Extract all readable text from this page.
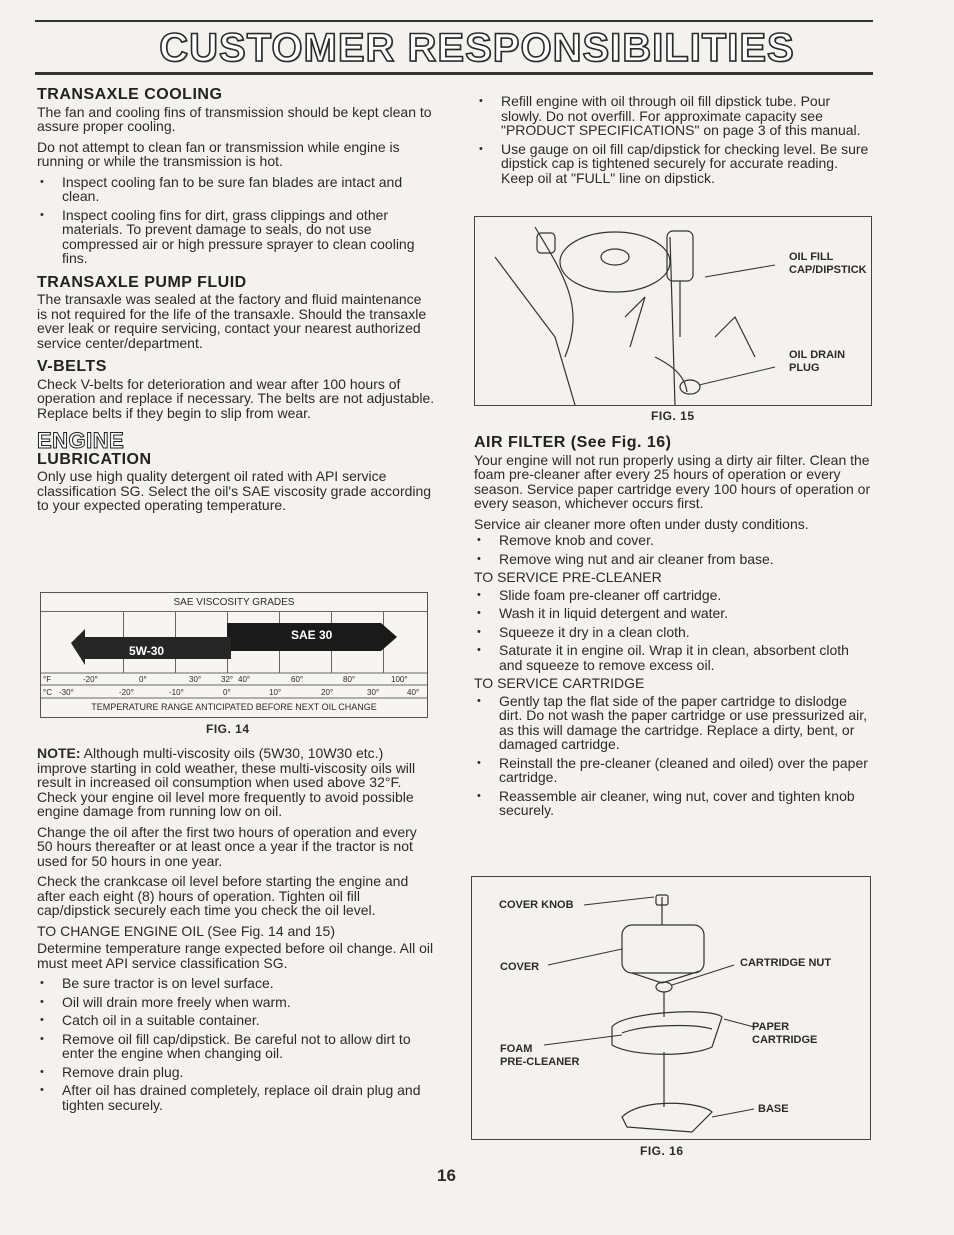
CUSTOMER RESPONSIBILITIES
TRANSAXLE COOLING

The fan and cooling fins of transmission should be kept clean to assure proper cooling.

Do not attempt to clean fan or transmission while engine is running or while the transmission is hot.

• Inspect cooling fan to be sure fan blades are intact and clean.
• Inspect cooling fins for dirt, grass clippings and other materials. To prevent damage to seals, do not use compressed air or high pressure sprayer to clean cooling fins.
TRANSAXLE PUMP FLUID

The transaxle was sealed at the factory and fluid maintenance is not required for the life of the transaxle. Should the transaxle ever leak or require servicing, contact your nearest authorized service center/department.

V-BELTS

Check V-belts for deterioration and wear after 100 hours of operation and replace if necessary. The belts are not adjustable. Replace belts if they begin to slip from wear.

ENGINE
LUBRICATION

Only use high quality detergent oil rated with API service classification SG. Select the oil's SAE viscosity grade according to your expected operating temperature.

SAE VISCOSITY GRADES
SAE 30
5W-30
°F	-20°	0°	30° 32° 40°	60°	80°	100°
°C -30°	-20°	-10°	0°	10°	20°	30°	40°
TEMPERATURE RANGE ANTICIPATED BEFORE NEXT OIL CHANGE
FIG. 14

NOTE: Although multi-viscosity oils (5W30, 10W30 etc.) improve starting in cold weather, these multi-viscosity oils will result in increased oil consumption when used above 32°F. Check your engine oil level more frequently to avoid possible engine damage from running low on oil.

Change the oil after the first two hours of operation and every 50 hours thereafter or at least once a year if the tractor is not used for 50 hours in one year.

Check the crankcase oil level before starting the engine and after each eight (8) hours of operation. Tighten oil fill cap/dipstick securely each time you check the oil level.

TO CHANGE ENGINE OIL (See Fig. 14 and 15)

Determine temperature range expected before oil change. All oil must meet API service classification SG.

• Be sure tractor is on level surface.
• Oil will drain more freely when warm.
• Catch oil in a suitable container.
• Remove oil fill cap/dipstick. Be careful not to allow dirt to enter the engine when changing oil.
• Remove drain plug.
• After oil has drained completely, replace oil drain plug and tighten securely.
• Refill engine with oil through oil fill dipstick tube. Pour slowly. Do not overfill. For approximate capacity see "PRODUCT SPECIFICATIONS" on page 3 of this manual.
• Use gauge on oil fill cap/dipstick for checking level. Be sure dipstick cap is tightened securely for accurate reading. Keep oil at "FULL" line on dipstick.
OIL FILL
CAP/DIPSTICK
OIL DRAIN
PLUG
FIG. 15
AIR FILTER (See Fig. 16)

Your engine will not run properly using a dirty air filter. Clean the foam pre-cleaner after every 25 hours of operation or every season. Service paper cartridge every 100 hours of operation or every season, whichever occurs first.

Service air cleaner more often under dusty conditions.

• Remove knob and cover.
• Remove wing nut and air cleaner from base.
TO SERVICE PRE-CLEANER
• Slide foam pre-cleaner off cartridge.
• Wash it in liquid detergent and water.
• Squeeze it dry in a clean cloth.
• Saturate it in engine oil. Wrap it in clean, absorbent cloth and squeeze to remove excess oil.
TO SERVICE CARTRIDGE
• Gently tap the flat side of the paper cartridge to dislodge dirt. Do not wash the paper cartridge or use pressurized air, as this will damage the cartridge. Replace a dirty, bent, or damaged cartridge.
• Reinstall the pre-cleaner (cleaned and oiled) over the paper cartridge.
• Reassemble air cleaner, wing nut, cover and tighten knob securely.
COVER KNOB
COVER	CARTRIDGE NUT
PAPER
CARTRIDGE
FOAM
PRE-CLEANER
BASE
FIG. 16
16
